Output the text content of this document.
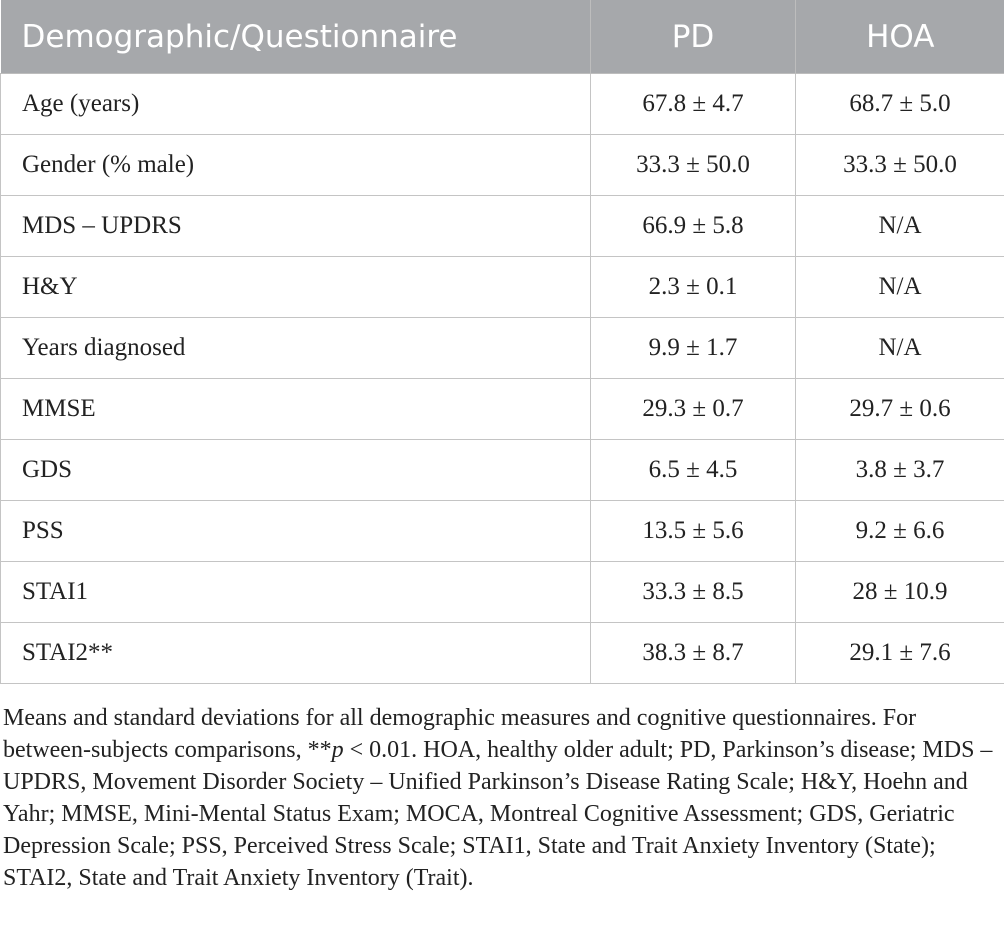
Demographic/Questionnaire	PD	HOA
Age (years)	67.8 ± 4.7	68.7 ± 5.0
Gender (% male)	33.3 ± 50.0	33.3 ± 50.0
MDS – UPDRS	66.9 ± 5.8	N/A
H&Y	2.3 ± 0.1	N/A
Years diagnosed	9.9 ± 1.7	N/A
MMSE	29.3 ± 0.7	29.7 ± 0.6
GDS	6.5 ± 4.5	3.8 ± 3.7
PSS	13.5 ± 5.6	9.2 ± 6.6
STAI1	33.3 ± 8.5	28 ± 10.9
STAI2**	38.3 ± 8.7	29.1 ± 7.6
Means and standard deviations for all demographic measures and cognitive questionnaires. For between-subjects comparisons, **p < 0.01. HOA, healthy older adult; PD, Parkinson’s disease; MDS – UPDRS, Movement Disorder Society – Unified Parkinson’s Disease Rating Scale; H&Y, Hoehn and Yahr; MMSE, Mini-Mental Status Exam; MOCA, Montreal Cognitive Assessment; GDS, Geriatric Depression Scale; PSS, Perceived Stress Scale; STAI1, State and Trait Anxiety Inventory (State); STAI2, State and Trait Anxiety Inventory (Trait).
